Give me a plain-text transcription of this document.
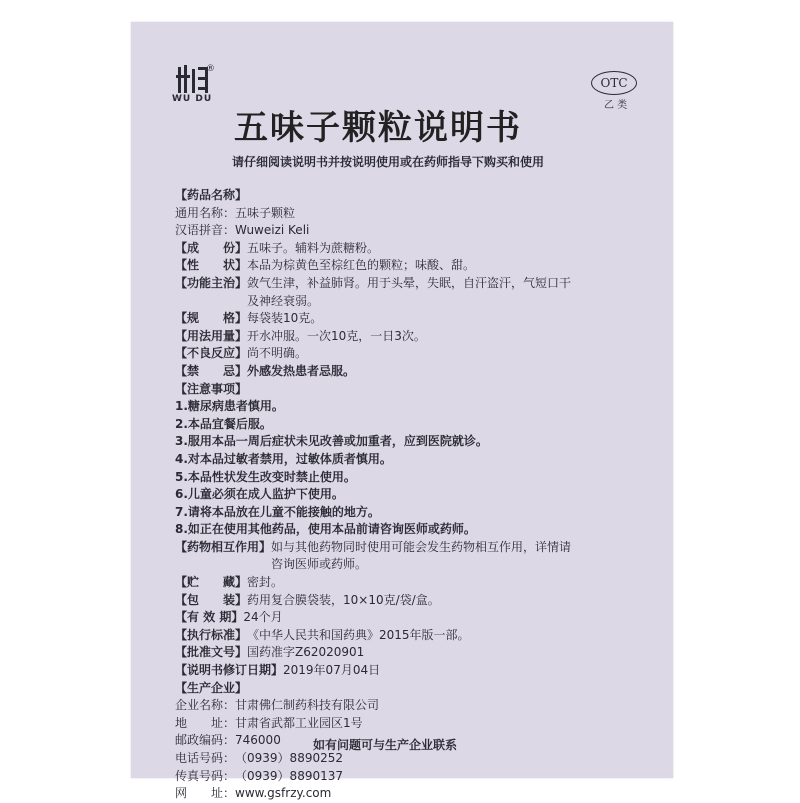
WU DU
®
OTC
乙 类
五味子颗粒说明书
请仔细阅读说明书并按说明使用或在药师指导下购买和使用
【药品名称】
通用名称： 五味子颗粒
汉语拼音： Wuweizi Keli
【成　　份】 五味子。辅料为蔗糖粉。
【性　　状】 本品为棕黄色至棕红色的颗粒；味酸、甜。
【功能主治】 敛气生津，补益肺肾。用于头晕，失眠，自汗盗汗，气短口干
及神经衰弱。
【规　　格】 每袋装10克。
【用法用量】 开水冲服。一次10克，一日3次。
【不良反应】 尚不明确。
【禁　　忌】 外感发热患者忌服。
【注意事项】
1.糖尿病患者慎用。
2.本品宜餐后服。
3.服用本品一周后症状未见改善或加重者，应到医院就诊。
4.对本品过敏者禁用，过敏体质者慎用。
5.本品性状发生改变时禁止使用。
6.儿童必须在成人监护下使用。
7.请将本品放在儿童不能接触的地方。
8.如正在使用其他药品，使用本品前请咨询医师或药师。
【药物相互作用】 如与其他药物同时使用可能会发生药物相互作用，详情请
咨询医师或药师。
【贮　　藏】 密封。
【包　　装】 药用复合膜袋装，10×10克/袋/盒。
【有 效 期】 24个月
【执行标准】 《中华人民共和国药典》2015年版一部。
【批准文号】 国药准字Z62020901
【说明书修订日期】 2019年07月04日
【生产企业】
企业名称： 甘肃佛仁制药科技有限公司
地　　址： 甘肃省武都工业园区1号
邮政编码： 746000
电话号码： （0939）8890252
传真号码： （0939）8890137
网　　址： www.gsfrzy.com
如有问题可与生产企业联系
